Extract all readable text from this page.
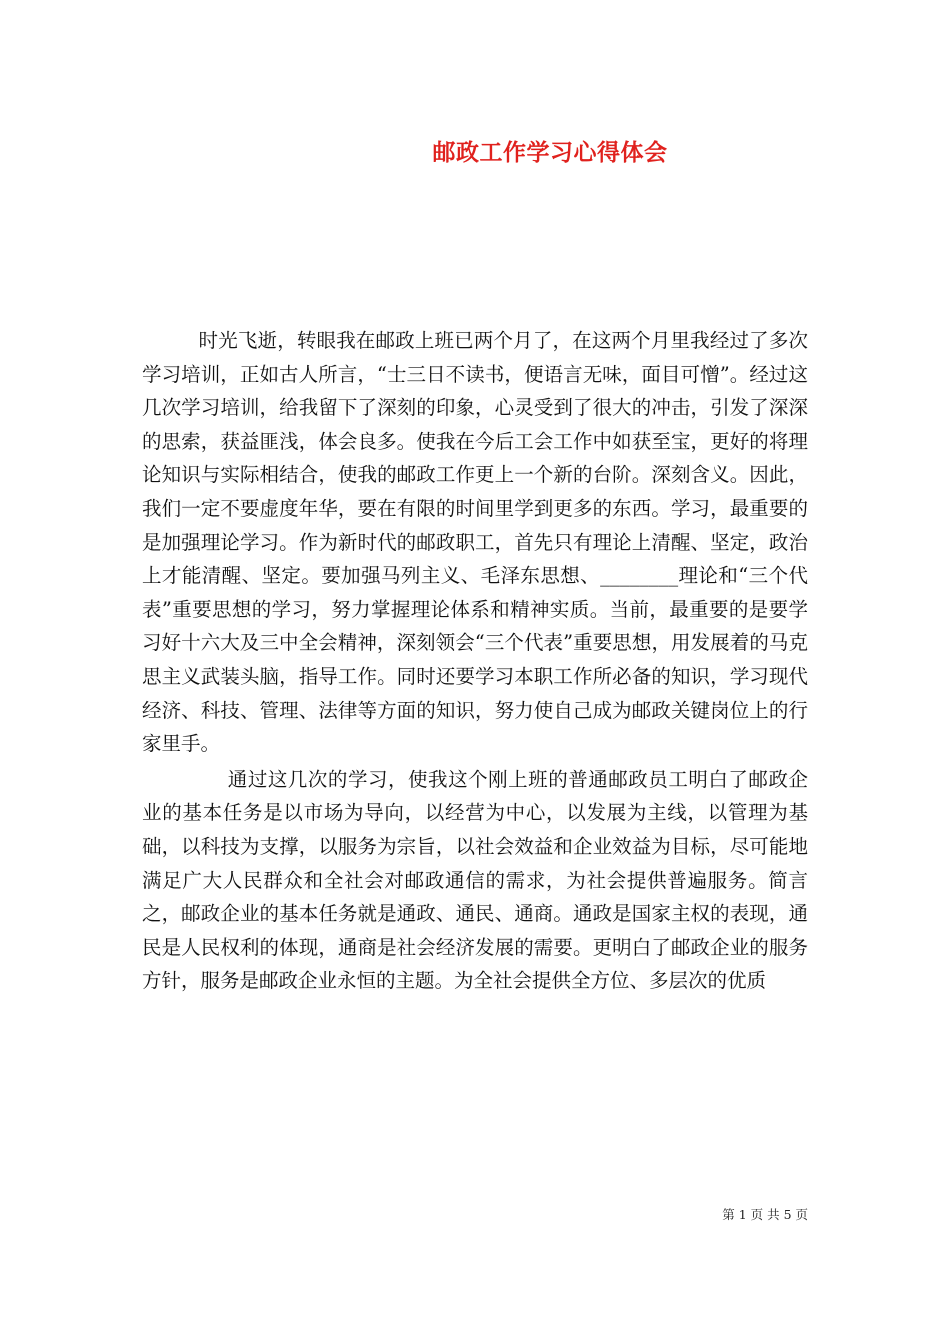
邮政工作学习心得体会

时光飞逝，转眼我在邮政上班已两个月了，在这两个月里我经过了多次学习培训，正如古人所言，“士三日不读书，便语言无味，面目可憎”。经过这几次学习培训，给我留下了深刻的印象，心灵受到了很大的冲击，引发了深深的思索，获益匪浅，体会良多。使我在今后工会工作中如获至宝，更好的将理论知识与实际相结合，使我的邮政工作更上一个新的台阶。深刻含义。因此，我们一定不要虚度年华，要在有限的时间里学到更多的东西。学习，最重要的是加强理论学习。作为新时代的邮政职工，首先只有理论上清醒、坚定，政治上才能清醒、坚定。要加强马列主义、毛泽东思想、________理论和“三个代表”重要思想的学习，努力掌握理论体系和精神实质。当前，最重要的是要学习好十六大及三中全会精神，深刻领会“三个代表”重要思想，用发展着的马克思主义武装头脑，指导工作。同时还要学习本职工作所必备的知识，学习现代经济、科技、管理、法律等方面的知识，努力使自己成为邮政关键岗位上的行家里手。

通过这几次的学习，使我这个刚上班的普通邮政员工明白了邮政企业的基本任务是以市场为导向，以经营为中心，以发展为主线，以管理为基础，以科技为支撑，以服务为宗旨，以社会效益和企业效益为目标，尽可能地满足广大人民群众和全社会对邮政通信的需求，为社会提供普遍服务。简言之，邮政企业的基本任务就是通政、通民、通商。通政是国家主权的表现，通民是人民权利的体现，通商是社会经济发展的需要。更明白了邮政企业的服务方针，服务是邮政企业永恒的主题。为全社会提供全方位、多层次的优质

第 1 页 共 5 页
